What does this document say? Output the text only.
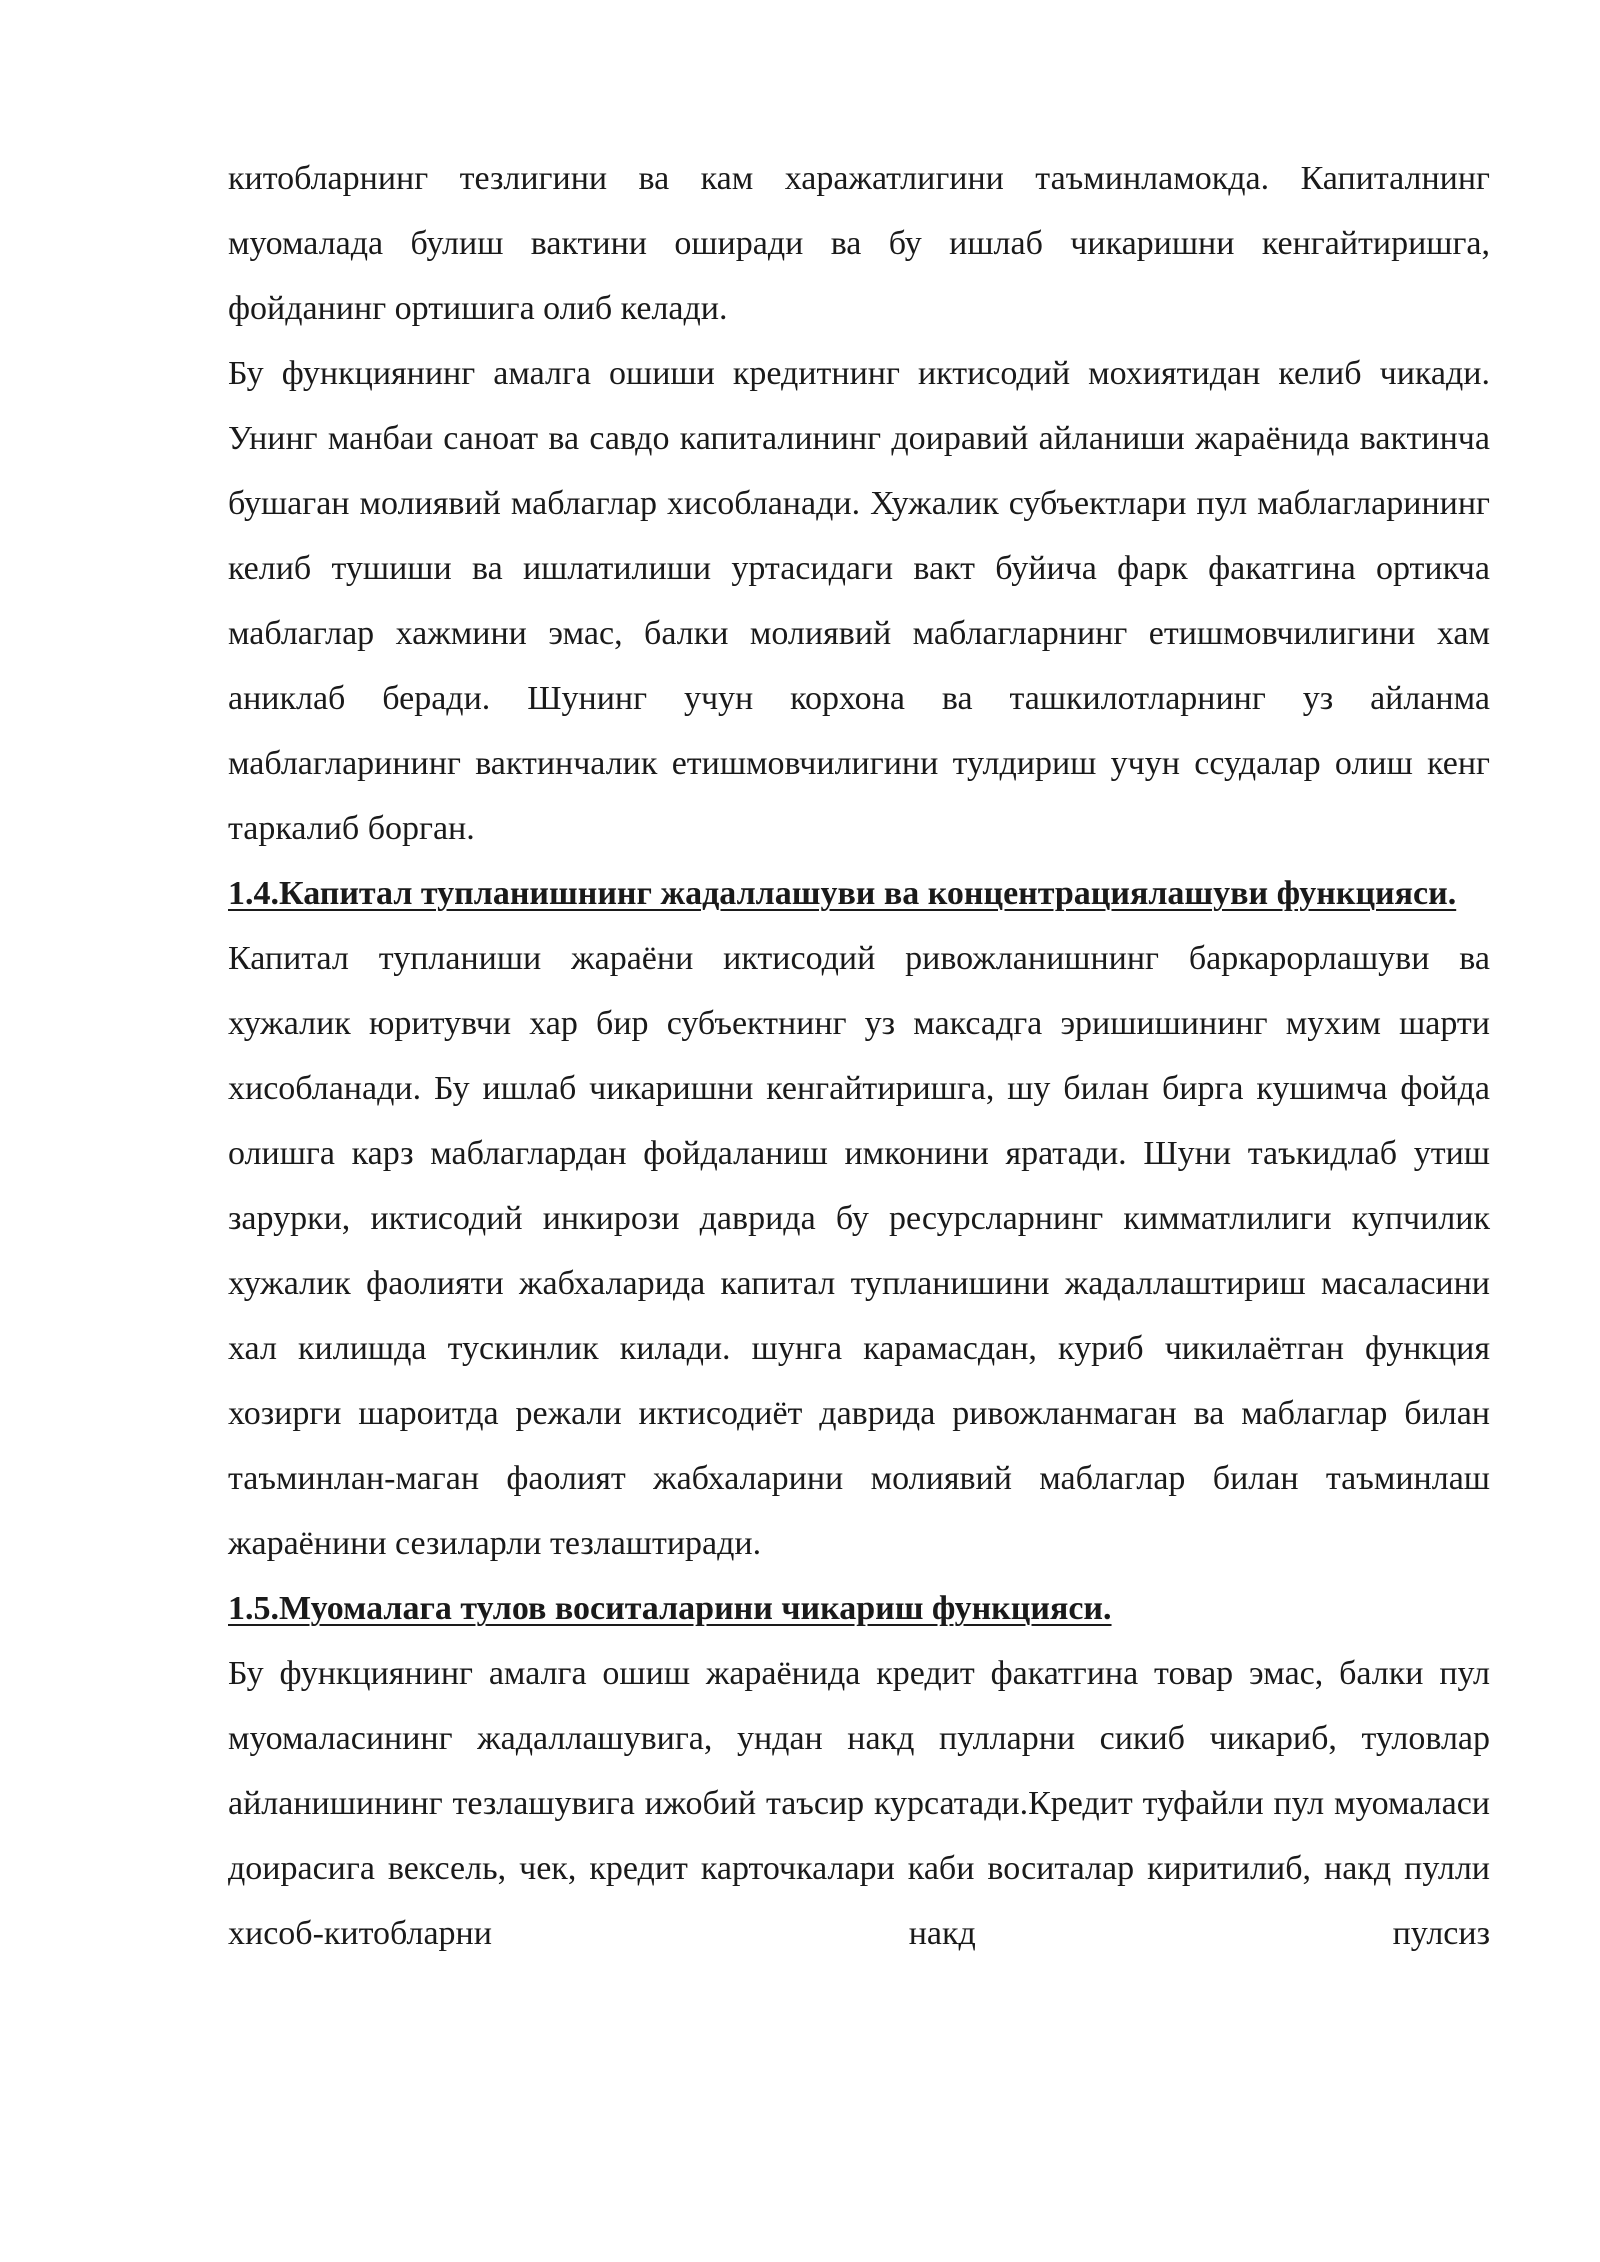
китобларнинг тезлигини ва кам харажатлигини таъминламокда. Капиталнинг муомалада булиш вактини оширади ва бу ишлаб чикаришни кенгайтиришга, фойданинг ортишига олиб келади.

Бу функциянинг амалга ошиши кредитнинг иктисодий мохиятидан келиб чикади. Унинг манбаи саноат ва савдо капиталининг доиравий айланиши жараёнида вактинча бушаган молиявий маблаглар хисобланади. Хужалик субъектлари пул маблагларининг келиб тушиши ва ишлатилиши уртасидаги вакт буйича фарк факатгина ортикча маблаглар хажмини эмас, балки молиявий маблагларнинг етишмовчилигини хам аниклаб беради. Шунинг учун корхона ва ташкилотларнинг уз айланма маблагларининг вактинчалик етишмовчилигини тулдириш учун ссудалар олиш кенг таркалиб борган.

1.4.Капитал тупланишнинг жадаллашуви ва концентрациялашуви функцияси.

Капитал тупланиши жараёни иктисодий ривожланишнинг баркарорлашуви ва хужалик юритувчи хар бир субъектнинг уз максадга эришишининг мухим шарти хисобланади. Бу ишлаб чикаришни кенгайтиришга, шу билан бирга кушимча фойда олишга карз маблаглардан фойдаланиш имконини яратади. Шуни таъкидлаб утиш зарурки, иктисодий инкирози даврида бу ресурсларнинг кимматлилиги купчилик хужалик фаолияти жабхаларида капитал тупланишини жадаллаштириш масаласини хал килишда тускинлик килади. шунга карамасдан, куриб чикилаётган функция хозирги шароитда режали иктисодиёт даврида ривожланмаган ва маблаглар билан таъминлан-маган фаолият жабхаларини молиявий маблаглар билан таъминлаш жараёнини сезиларли тезлаштиради.

1.5.Муомалага тулов воситаларини чикариш функцияси.

Бу функциянинг амалга ошиш жараёнида кредит факатгина товар эмас, балки пул муомаласининг жадаллашувига, ундан накд пулларни сикиб чикариб, туловлар айланишининг тезлашувига ижобий таъсир курсатади.Кредит туфайли пул муомаласи доирасига вексель, чек, кредит карточкалари каби воситалар киритилиб, накд пулли хисоб-китобларни накд пулсиз
